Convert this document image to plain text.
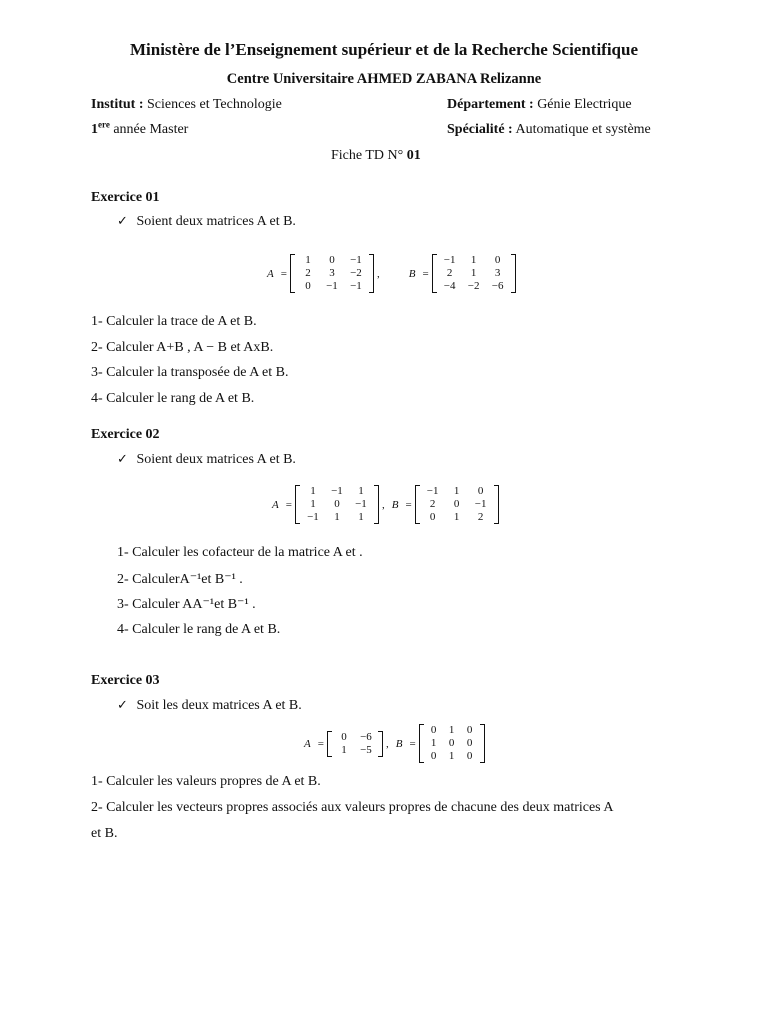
Ministère de l’Enseignement supérieur et de la Recherche Scientifique
Centre Universitaire AHMED ZABANA Relizanne
Institut : Sciences et Technologie	Département : Génie Electrique
1ere année Master	Spécialité : Automatique et système
Fiche TD N° 01
Exercice 01
✓ Soient deux matrices A et B.
A =
1	0	−1
2	3	−2
0	−1	−1
,	B =
−1	1	0
2	1	3
−4	−2	−6
1- Calculer la trace de A et B.
2- Calculer A+B , A − B et AxB.
3- Calculer la transposée de A et B.
4- Calculer le rang de A et B.
Exercice 02
✓ Soient deux matrices A et B.
A =
1	−1	1
1	0	−1
−1	1	1
, B =
−1	1	0
2	0	−1
0	1	2
1- Calculer les cofacteur de la matrice A et .
2- CalculerA⁻¹et B⁻¹ .
3- Calculer AA⁻¹et B⁻¹ .
4- Calculer le rang de A et B.
Exercice 03
✓ Soit les deux matrices A et B.
A =
0	−6
1	−5	, B =
0	1	0
1	0	0
0	1	0
1- Calculer les valeurs propres de A et B.
2- Calculer les vecteurs propres associés aux valeurs propres de chacune des deux matrices A
et B.
